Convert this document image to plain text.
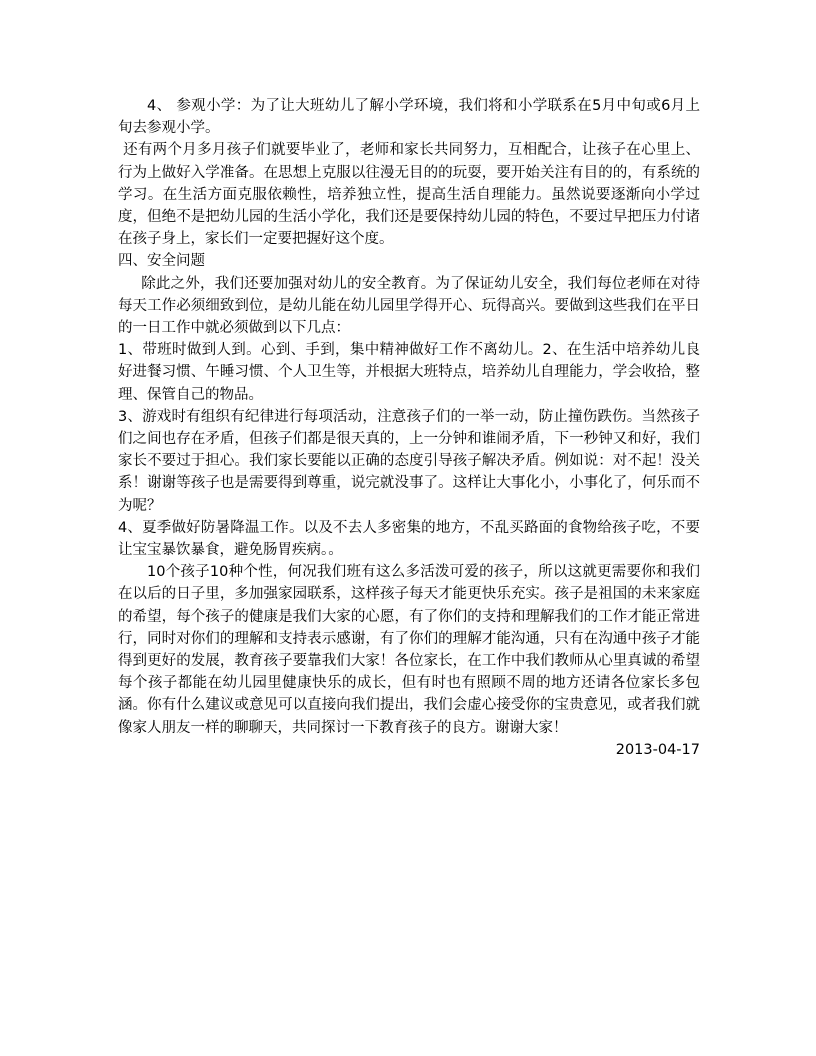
4、 参观小学：为了让大班幼儿了解小学环境，我们将和小学联系在5月中旬或6月上旬去参观小学。

还有两个月多月孩子们就要毕业了，老师和家长共同努力，互相配合，让孩子在心里上、行为上做好入学准备。在思想上克服以往漫无目的的玩耍，要开始关注有目的的，有系统的学习。在生活方面克服依赖性，培养独立性，提高生活自理能力。虽然说要逐渐向小学过度，但绝不是把幼儿园的生活小学化，我们还是要保持幼儿园的特色，不要过早把压力付诸在孩子身上，家长们一定要把握好这个度。

四、安全问题

除此之外，我们还要加强对幼儿的安全教育。为了保证幼儿安全，我们每位老师在对待每天工作必须细致到位，是幼儿能在幼儿园里学得开心、玩得高兴。要做到这些我们在平日的一日工作中就必须做到以下几点：

1、带班时做到人到。心到、手到，集中精神做好工作不离幼儿。2、在生活中培养幼儿良好进餐习惯、午睡习惯、个人卫生等，并根据大班特点，培养幼儿自理能力，学会收拾，整理、保管自己的物品。

3、游戏时有组织有纪律进行每项活动，注意孩子们的一举一动，防止撞伤跌伤。当然孩子们之间也存在矛盾，但孩子们都是很天真的，上一分钟和谁闹矛盾，下一秒钟又和好，我们家长不要过于担心。我们家长要能以正确的态度引导孩子解决矛盾。例如说：对不起！没关系！谢谢等孩子也是需要得到尊重，说完就没事了。这样让大事化小，小事化了，何乐而不为呢？

4、夏季做好防暑降温工作。以及不去人多密集的地方，不乱买路面的食物给孩子吃，不要让宝宝暴饮暴食，避免肠胃疾病。。

10个孩子10种个性，何况我们班有这么多活泼可爱的孩子，所以这就更需要你和我们在以后的日子里，多加强家园联系，这样孩子每天才能更快乐充实。孩子是祖国的未来家庭的希望，每个孩子的健康是我们大家的心愿，有了你们的支持和理解我们的工作才能正常进行，同时对你们的理解和支持表示感谢，有了你们的理解才能沟通，只有在沟通中孩子才能得到更好的发展，教育孩子要靠我们大家！各位家长，在工作中我们教师从心里真诚的希望每个孩子都能在幼儿园里健康快乐的成长，但有时也有照顾不周的地方还请各位家长多包涵。你有什么建议或意见可以直接向我们提出，我们会虚心接受你的宝贵意见，或者我们就像家人朋友一样的聊聊天，共同探讨一下教育孩子的良方。谢谢大家！

2013-04-17
